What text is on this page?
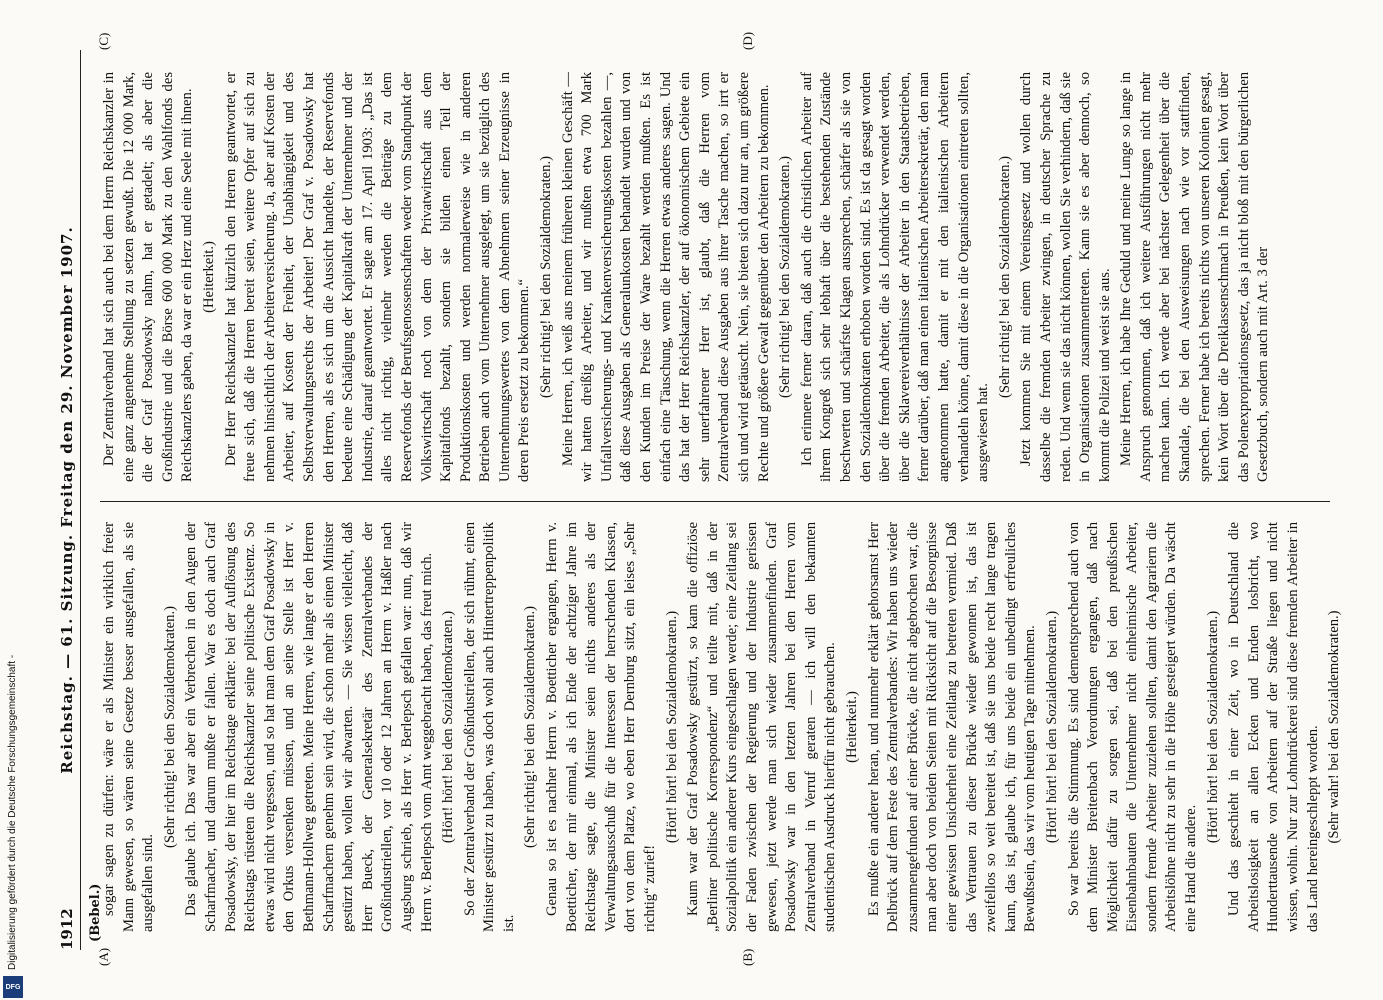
1912
Reichstag. — 61. Sitzung. Freitag den 29. November 1907.
(Bebel.)
(A)	(B)
(C)	(D)

sogar sagen zu dürfen: wäre er als Minister ein wirklich freier Mann gewesen, so wären seine Gesetze besser ausgefallen, als sie ausgefallen sind.

(Sehr richtig! bei den Sozialdemokraten.) Das glaube ich. Das war aber ein Verbrechen in den Augen der Scharfmacher, und darum mußte er fallen. War es doch auch Graf Posadowsky, der hier im Reichstage erklärte: bei der Auflösung des Reichstags rüsteten die Reichskanzler seine politische Existenz. So etwas wird nicht vergessen, und so hat man dem Graf Posadowsky in den Orkus versenken müssen, und an seine Stelle ist Herr v. Bethmann-Hollweg getreten. Meine Herren, wie lange er den Herren Scharfmachern genehm sein wird, die schon mehr als einen Minister gestürzt haben, wollen wir abwarten. — Sie wissen vielleicht, daß Herr Bueck, der Generalsekretär des Zentralverbandes der Großindustriellen, vor 10 oder 12 Jahren an Herrn v. Haßler nach Augsburg schrieb, als Herr v. Berlepsch gefallen war: nun, daß wir Herrn v. Berlepsch vom Amt weggebracht haben, das freut mich. (Hört! hört! bei den Sozialdemokraten.) So der Zentralverband der Großindustriellen, der sich rühmt, einen Minister gestürzt zu haben, was doch wohl auch Hintertreppenpolitik ist.

(Sehr richtig! bei den Sozialdemokraten.) Genau so ist es nachher Herrn v. Boetticher ergangen, Herrn v. Boetticher, der mir einmal, als ich Ende der achtziger Jahre im Reichstage sagte, die Minister seien nichts anderes als der Verwaltungsausschuß für die Interessen der herrschenden Klassen, dort von dem Platze, wo eben Herr Dernburg sitzt, ein leises „Sehr richtig“ zurief!

(Hört! hört! bei den Sozialdemokraten.) Kaum war der Graf Posadowsky gestürzt, so kam die offiziöse „Berliner politische Korrespondenz“ und teilte mit, daß in der Sozialpolitik ein anderer Kurs eingeschlagen werde; eine Zeitlang sei der Faden zwischen der Regierung und der Industrie gerissen gewesen, jetzt werde man sich wieder zusammenfinden. Graf Posadowsky war in den letzten Jahren bei den Herren vom Zentralverband in Verruf geraten — ich will den bekannten studentischen Ausdruck hierfür nicht gebrauchen. (Heiterkeit.) Es mußte ein anderer heran, und nunmehr erklärt gehorsamst Herr Delbrück auf dem Feste des Zentralverbandes: Wir haben uns wieder zusammengefunden auf einer Brücke, die nicht abgebrochen war, die man aber doch von beiden Seiten mit Rücksicht auf die Besorgnisse einer gewissen Unsicherheit eine Zeitlang zu betreten vermied. Daß das Vertrauen zu dieser Brücke wieder gewonnen ist, das ist zweifellos so weit bereitet ist, daß sie uns beide recht lange tragen kann, das ist, glaube ich, für uns beide ein unbedingt erfreuliches Bewußtsein, das wir vom heutigen Tage mitnehmen. (Hört! hört! bei den Sozialdemokraten.) So war bereits die Stimmung. Es sind dementsprechend auch von dem Minister Breitenbach Verordnungen ergangen, daß nach Möglichkeit dafür zu sorgen sei, daß bei den preußischen Eisenbahnbauten die Unternehmer nicht einheimische Arbeiter, sondern fremde Arbeiter zuziehen sollten, damit den Agrariern die Arbeitslöhne nicht zu sehr in die Höhe gesteigert würden. Da wäscht eine Hand die andere.

(Hört! hört! bei den Sozialdemokraten.) Und das geschieht in einer Zeit, wo in Deutschland die Arbeitslosigkeit an allen Ecken und Enden losbricht, wo Hunderttausende von Arbeitern auf der Straße liegen und nicht wissen, wohin. Nur zur Lohndrückerei sind diese fremden Arbeiter in das Land hereingeschleppt worden. (Sehr wahr! bei den Sozialdemokraten.)

Der Zentralverband hat sich auch bei dem Herrn Reichskanzler in eine ganz angenehme Stellung zu setzen gewußt. Die 12 000 Mark, die der Graf Posadowsky nahm, hat er getadelt; als aber die Großindustrie und die Börse 600 000 Mark zu den Wahlfonds des Reichskanzlers gaben, da war er ein Herz und eine Seele mit ihnen. (Heiterkeit.) Der Herr Reichskanzler hat kürzlich den Herren geantwortet, er freue sich, daß die Herren bereit seien, weitere Opfer auf sich zu nehmen hinsichtlich der Arbeiterversicherung. Ja, aber auf Kosten der Arbeiter, auf Kosten der Freiheit, der Unabhängigkeit und des Selbstverwaltungsrechts der Arbeiter! Der Graf v. Posadowsky hat den Herren, als es sich um die Aussicht handelte, der Reservefonds bedeute eine Schädigung der Kapitalkraft der Unternehmer und der Industrie, darauf geantwortet. Er sagte am 17. April 1903: „Das ist alles nicht richtig, vielmehr werden die Beiträge zu dem Reservefonds der Berufsgenossenschaften weder vom Standpunkt der Volkswirtschaft noch von dem der Privatwirtschaft aus dem Kapitalfonds bezahlt, sondern sie bilden einen Teil der Produktionskosten und werden normalerweise wie in anderen Betrieben auch vom Unternehmer ausgelegt, um sie bezüglich des Unternehmungswertes von dem Abnehmern seiner Erzeugnisse in deren Preis ersetzt zu bekommen.“ (Sehr richtig! bei den Sozialdemokraten.) Meine Herren, ich weiß aus meinem früheren kleinen Geschäft — wir hatten dreißig Arbeiter, und wir mußten etwa 700 Mark Unfallversicherungs- und Krankenversicherungskosten bezahlen —, daß diese Ausgaben als Generalunkosten behandelt wurden und von den Kunden im Preise der Ware bezahlt werden mußten. Es ist einfach eine Täuschung, wenn die Herren etwas anderes sagen. Und das hat der Herr Reichskanzler, der auf ökonomischem Gebiete ein sehr unerfahrener Herr ist, glaubt, daß die Herren vom Zentralverband diese Ausgaben aus ihrer Tasche machen, so irrt er sich und wird getäuscht. Nein, sie bieten sich dazu nur an, um größere Rechte und größere Gewalt gegenüber den Arbeitern zu bekommen. (Sehr richtig! bei den Sozialdemokraten.) Ich erinnere ferner daran, daß auch die christlichen Arbeiter auf ihrem Kongreß sich sehr lebhaft über die bestehenden Zustände beschwerten und schärfste Klagen aussprechen, schärfer als sie von den Sozialdemokraten erhoben worden sind. Es ist da gesagt worden über die fremden Arbeiter, die als Lohndrücker verwendet werden, über die Sklavereiverhältnisse der Arbeiter in den Staatsbetrieben, ferner darüber, daß man einen italienischen Arbeitersekretär, den man angenommen hatte, damit er mit den italienischen Arbeitern verhandeln könne, damit diese in die Organisationen eintreten sollten, ausgewiesen hat.

(Sehr richtig! bei den Sozialdemokraten.) Jetzt kommen Sie mit einem Vereinsgesetz und wollen durch dasselbe die fremden Arbeiter zwingen, in deutscher Sprache zu reden. Und wenn sie das nicht können, wollen Sie verhindern, daß sie in Organisationen zusammentreten. Kann sie es aber dennoch, so kommt die Polizei und weist sie aus. Meine Herren, ich habe Ihre Geduld und meine Lunge so lange in Anspruch genommen, daß ich weitere Ausführungen nicht mehr machen kann. Ich werde aber bei nächster Gelegenheit über die Skandale, die bei den Ausweisungen nach wie vor stattfinden, sprechen. Ferner habe ich bereits nichts von unseren Kolonien gesagt, kein Wort über die Dreiklassenschmach in Preußen, kein Wort über das Polenexpropriationsgesetz, das ja nicht bloß mit den bürgerlichen Gesetzbuch, sondern auch mit Art. 3 der

Digitalisierung gefördert durch die Deutsche Forschungsgemeinschaft -
DFG
